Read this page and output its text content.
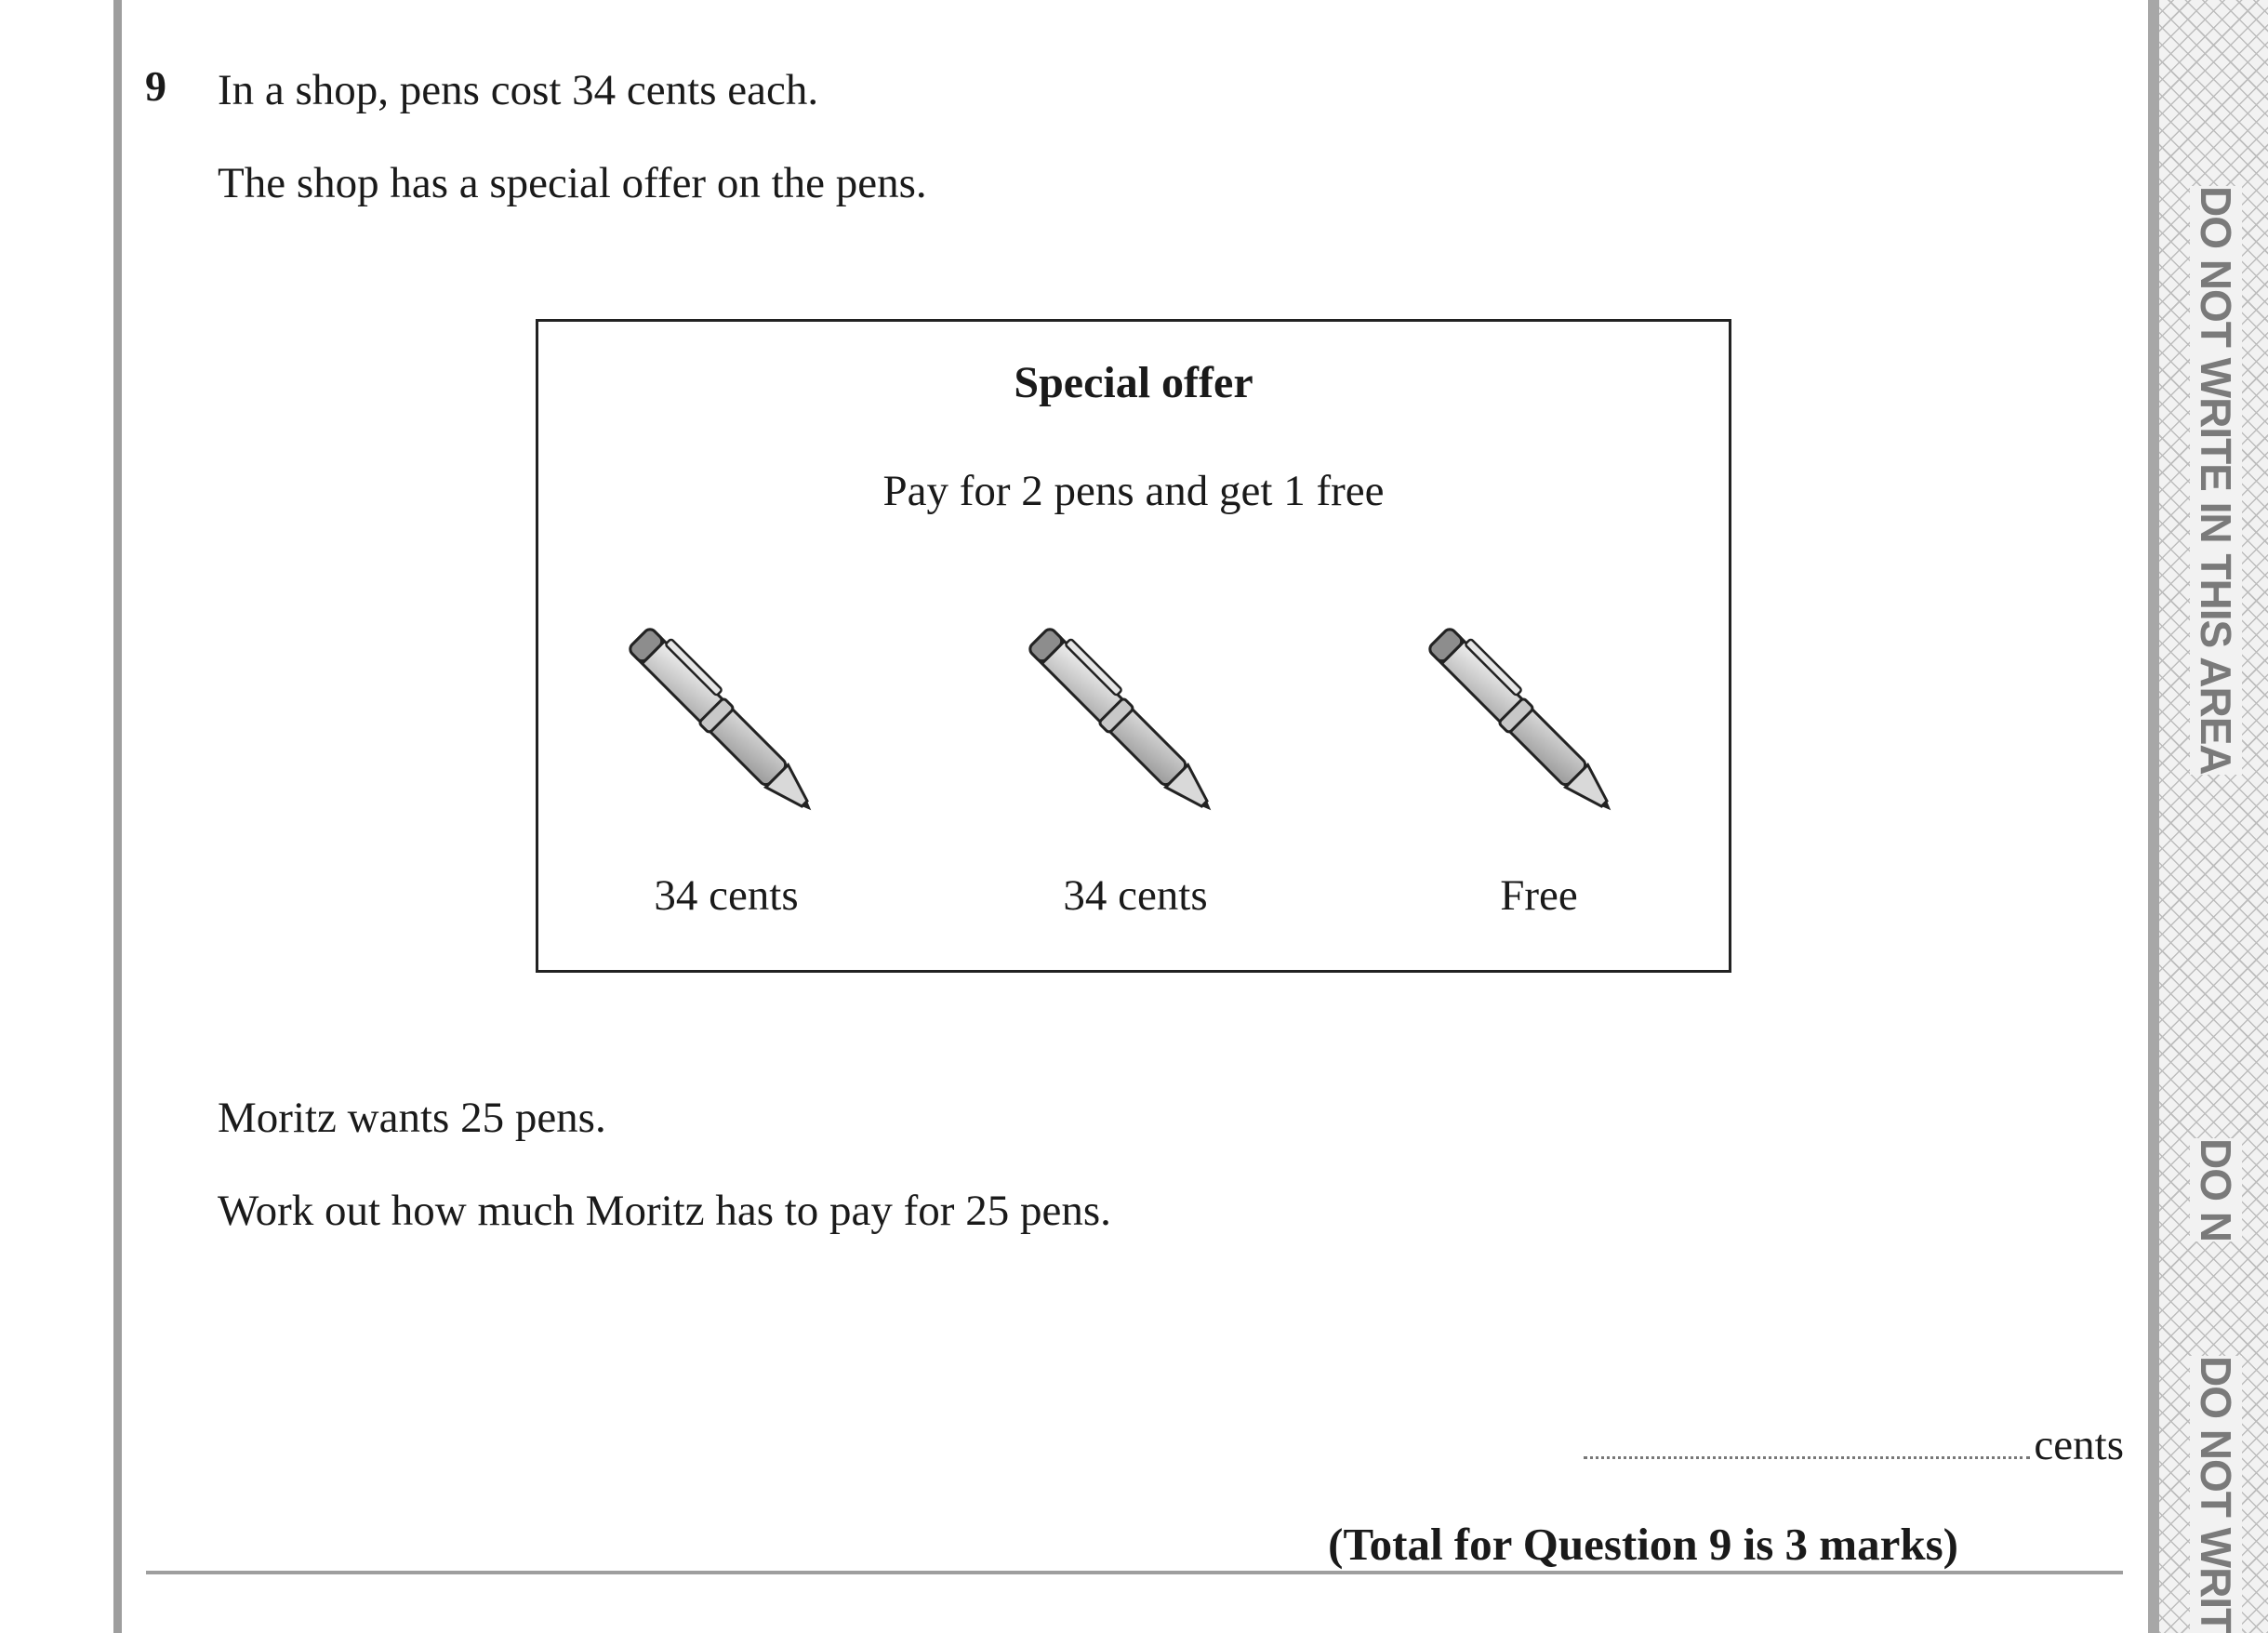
9 In a shop, pens cost 34 cents each.
The shop has a special offer on the pens.
Special offer
Pay for 2 pens and get 1 free
34 cents	34 cents	Free
Moritz wants 25 pens.
Work out how much Moritz has to pay for 25 pens.
cents
(Total for Question 9 is 3 marks)
DO NOT WRITE IN THIS AREA
DO N
DO NOT WRIT
